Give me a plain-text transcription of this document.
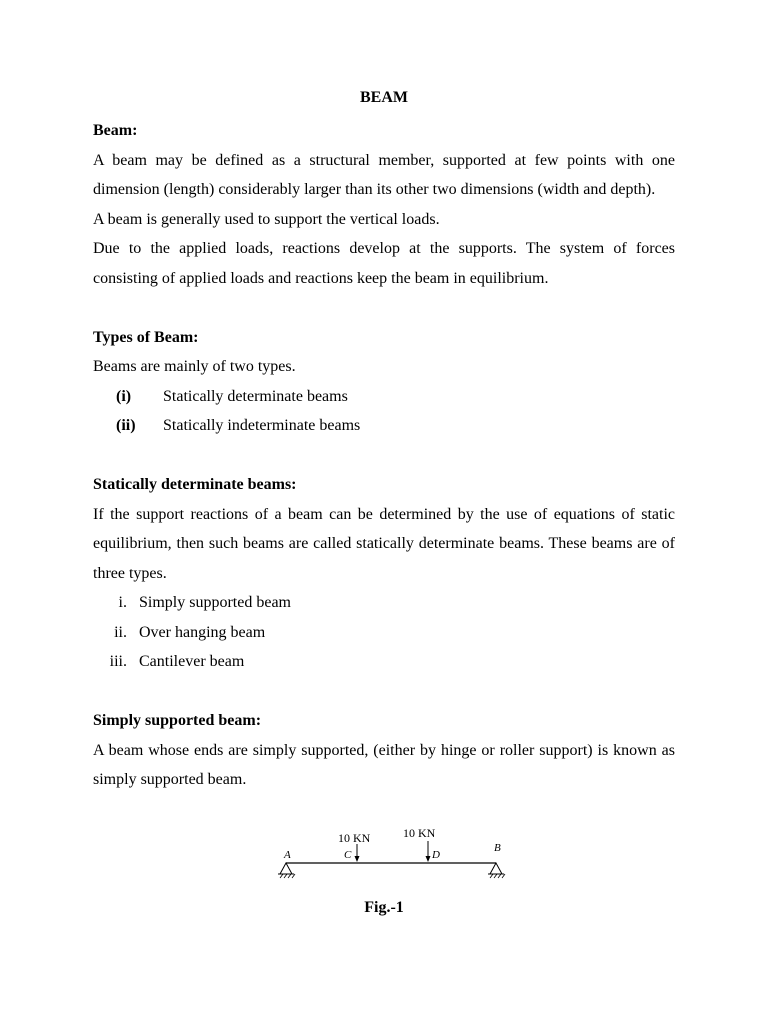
BEAM

Beam:

A beam may be defined as a structural member, supported at few points with one dimension (length) considerably larger than its other two dimensions (width and depth).

A beam is generally used to support the vertical loads.

Due to the applied loads, reactions develop at the supports. The system of forces consisting of applied loads and reactions keep the beam in equilibrium.

Types of Beam:

Beams are mainly of two types.

(i)	Statically determinate beams
(ii)	Statically indeterminate beams

Statically determinate beams:

If the support reactions of a beam can be determined by the use of equations of static equilibrium, then such beams are called statically determinate beams. These beams are of three types.

i. Simply supported beam
ii. Over hanging beam
iii. Cantilever beam

Simply supported beam:

A beam whose ends are simply supported, (either by hinge or roller support) is known as simply supported beam.

10 KN	10 KN
A	C	D
B
Fig.-1
